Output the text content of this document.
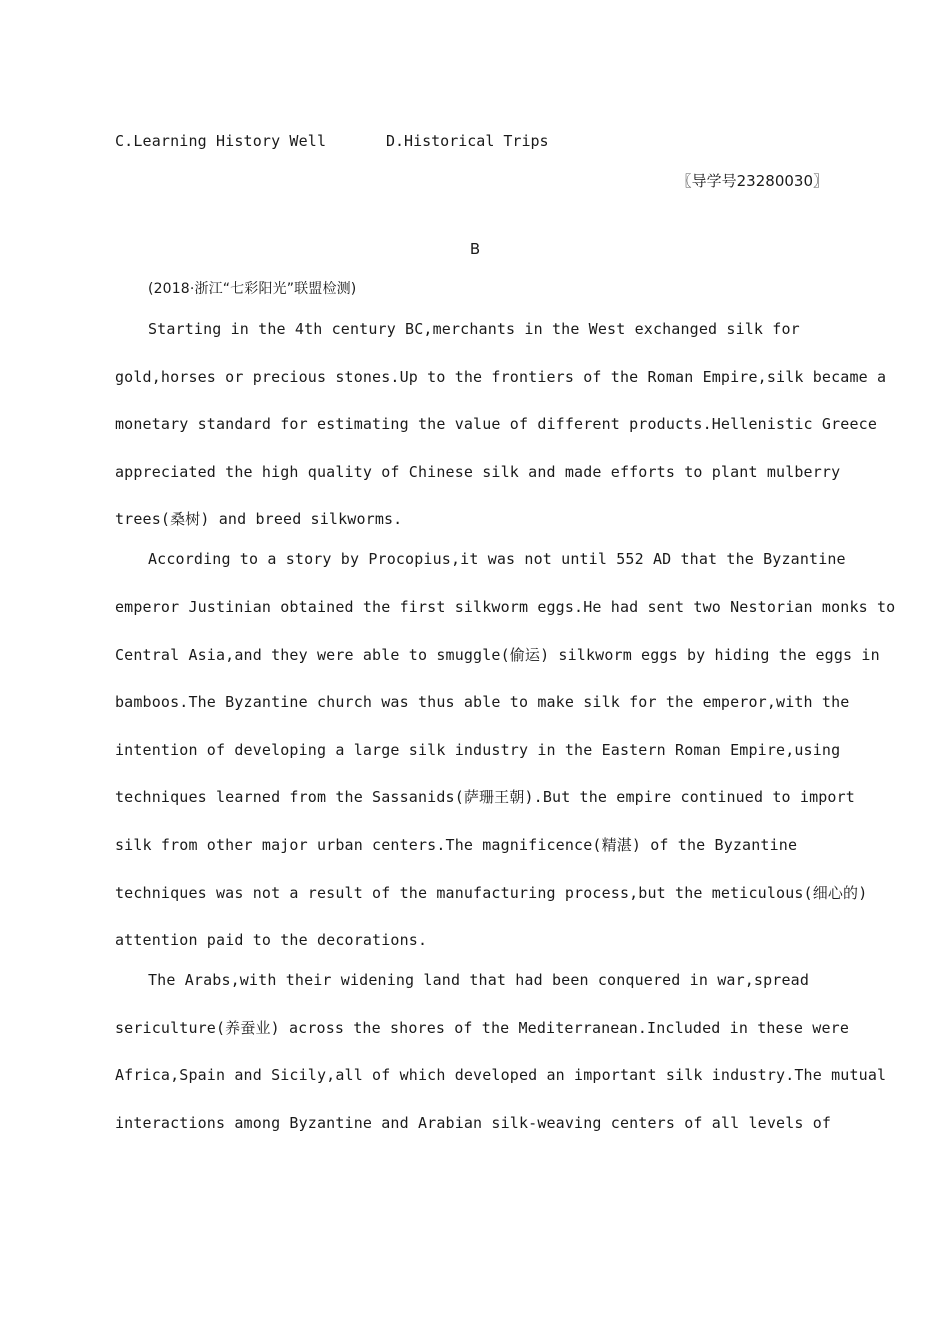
C.Learning History Well	D.Historical Trips
〖导学号23280030〗
B
(2018·浙江“七彩阳光”联盟检测)
Starting in the 4th century BC,merchants in the West exchanged silk for
gold,horses or precious stones.Up to the frontiers of the Roman Empire,silk became a
monetary standard for estimating the value of different products.Hellenistic Greece
appreciated the high quality of Chinese silk and made efforts to plant mulberry
trees(桑树) and breed silkworms.
According to a story by Procopius,it was not until 552 AD that the Byzantine
emperor Justinian obtained the first silkworm eggs.He had sent two Nestorian monks to
Central Asia,and they were able to smuggle(偷运) silkworm eggs by hiding the eggs in
bamboos.The Byzantine church was thus able to make silk for the emperor,with the
intention of developing a large silk industry in the Eastern Roman Empire,using
techniques learned from the Sassanids(萨珊王朝).But the empire continued to import
silk from other major urban centers.The magnificence(精湛) of the Byzantine
techniques was not a result of the manufacturing process,but the meticulous(细心的)
attention paid to the decorations.
The Arabs,with their widening land that had been conquered in war,spread
sericulture(养蚕业) across the shores of the Mediterranean.Included in these were
Africa,Spain and Sicily,all of which developed an important silk industry.The mutual
interactions among Byzantine and Arabian silk-weaving centers of all levels of
